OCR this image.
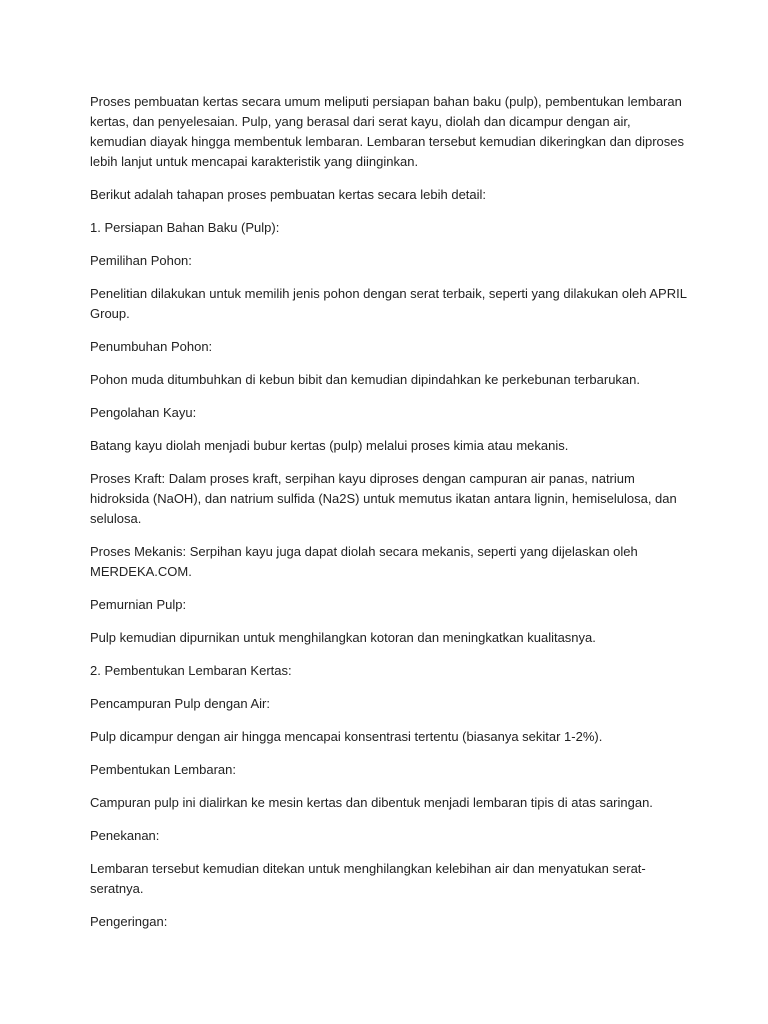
Proses pembuatan kertas secara umum meliputi persiapan bahan baku (pulp), pembentukan lembaran kertas, dan penyelesaian. Pulp, yang berasal dari serat kayu, diolah dan dicampur dengan air, kemudian diayak hingga membentuk lembaran. Lembaran tersebut kemudian dikeringkan dan diproses lebih lanjut untuk mencapai karakteristik yang diinginkan.

Berikut adalah tahapan proses pembuatan kertas secara lebih detail:

1. Persiapan Bahan Baku (Pulp):

Pemilihan Pohon:

Penelitian dilakukan untuk memilih jenis pohon dengan serat terbaik, seperti yang dilakukan oleh APRIL Group.

Penumbuhan Pohon:

Pohon muda ditumbuhkan di kebun bibit dan kemudian dipindahkan ke perkebunan terbarukan.

Pengolahan Kayu:

Batang kayu diolah menjadi bubur kertas (pulp) melalui proses kimia atau mekanis.

Proses Kraft: Dalam proses kraft, serpihan kayu diproses dengan campuran air panas, natrium hidroksida (NaOH), dan natrium sulfida (Na2S) untuk memutus ikatan antara lignin, hemiselulosa, dan selulosa.

Proses Mekanis: Serpihan kayu juga dapat diolah secara mekanis, seperti yang dijelaskan oleh MERDEKA.COM.

Pemurnian Pulp:

Pulp kemudian dipurnikan untuk menghilangkan kotoran dan meningkatkan kualitasnya.

2. Pembentukan Lembaran Kertas:

Pencampuran Pulp dengan Air:

Pulp dicampur dengan air hingga mencapai konsentrasi tertentu (biasanya sekitar 1-2%).

Pembentukan Lembaran:

Campuran pulp ini dialirkan ke mesin kertas dan dibentuk menjadi lembaran tipis di atas saringan.

Penekanan:

Lembaran tersebut kemudian ditekan untuk menghilangkan kelebihan air dan menyatukan serat-seratnya.

Pengeringan:
